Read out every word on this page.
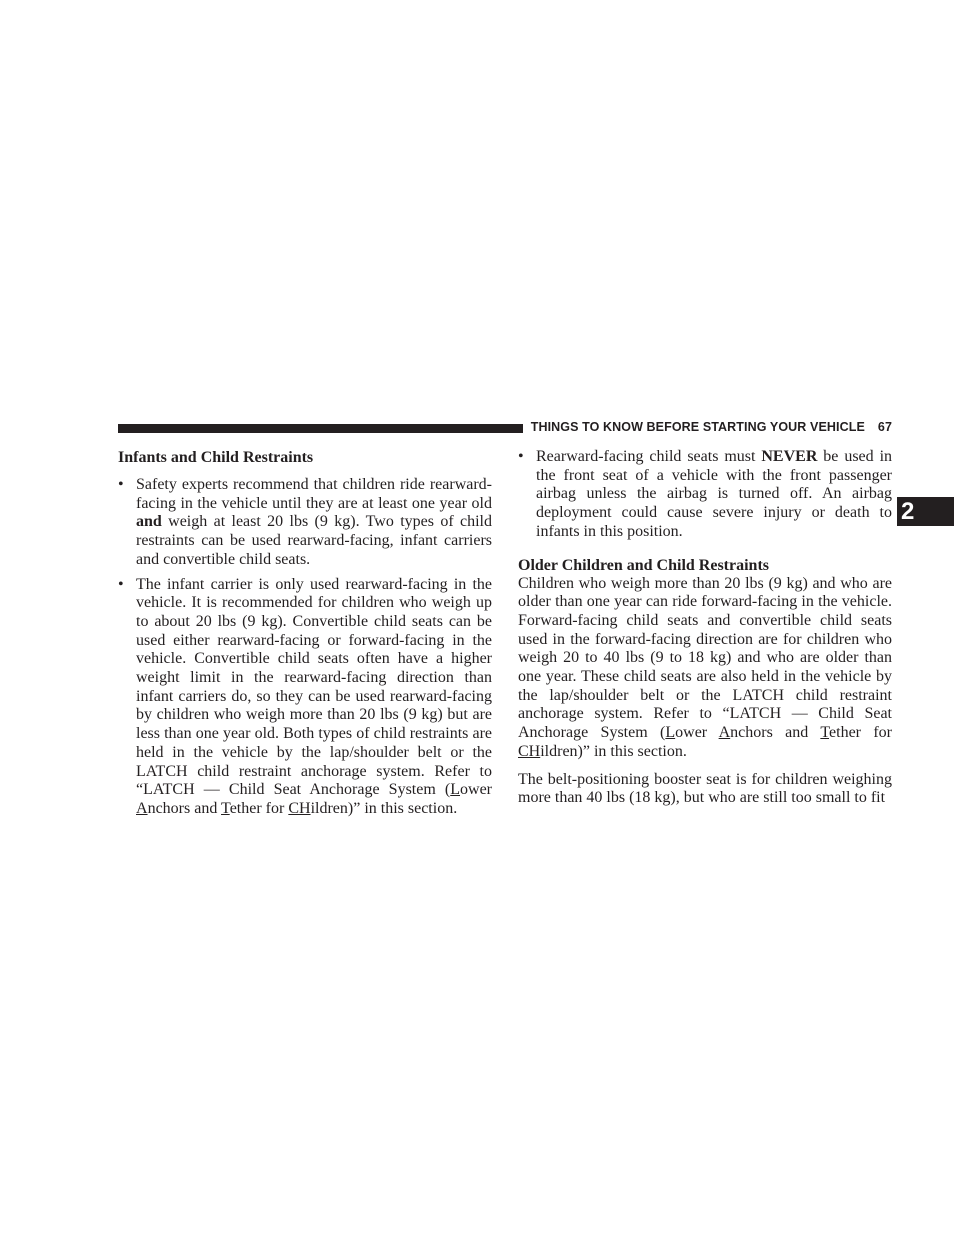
THINGS TO KNOW BEFORE STARTING YOUR VEHICLE 67
2
Infants and Child Restraints
• Safety experts recommend that children ride rearward-facing in the vehicle until they are at least one year old and weigh at least 20 lbs (9 kg). Two types of child restraints can be used rearward-facing, infant carriers and convertible child seats.
• The infant carrier is only used rearward-facing in the vehicle. It is recommended for children who weigh up to about 20 lbs (9 kg). Convertible child seats can be used either rearward-facing or forward-facing in the vehicle. Convertible child seats often have a higher weight limit in the rearward-facing direction than infant carriers do, so they can be used rearward-facing by children who weigh more than 20 lbs (9 kg) but are less than one year old. Both types of child restraints are held in the vehicle by the lap/shoulder belt or the LATCH child restraint anchorage system. Refer to “LATCH — Child Seat Anchorage System (Lower Anchors and Tether for CHildren)” in this section.
• Rearward-facing child seats must NEVER be used in the front seat of a vehicle with the front passenger airbag unless the airbag is turned off. An airbag deployment could cause severe injury or death to infants in this position.
Older Children and Child Restraints

Children who weigh more than 20 lbs (9 kg) and who are older than one year can ride forward-facing in the vehicle. Forward-facing child seats and convertible child seats used in the forward-facing direction are for children who weigh 20 to 40 lbs (9 to 18 kg) and who are older than one year. These child seats are also held in the vehicle by the lap/shoulder belt or the LATCH child restraint anchorage system. Refer to “LATCH — Child Seat Anchorage System (Lower Anchors and Tether for CHildren)” in this section.

The belt-positioning booster seat is for children weighing more than 40 lbs (18 kg), but who are still too small to fit
